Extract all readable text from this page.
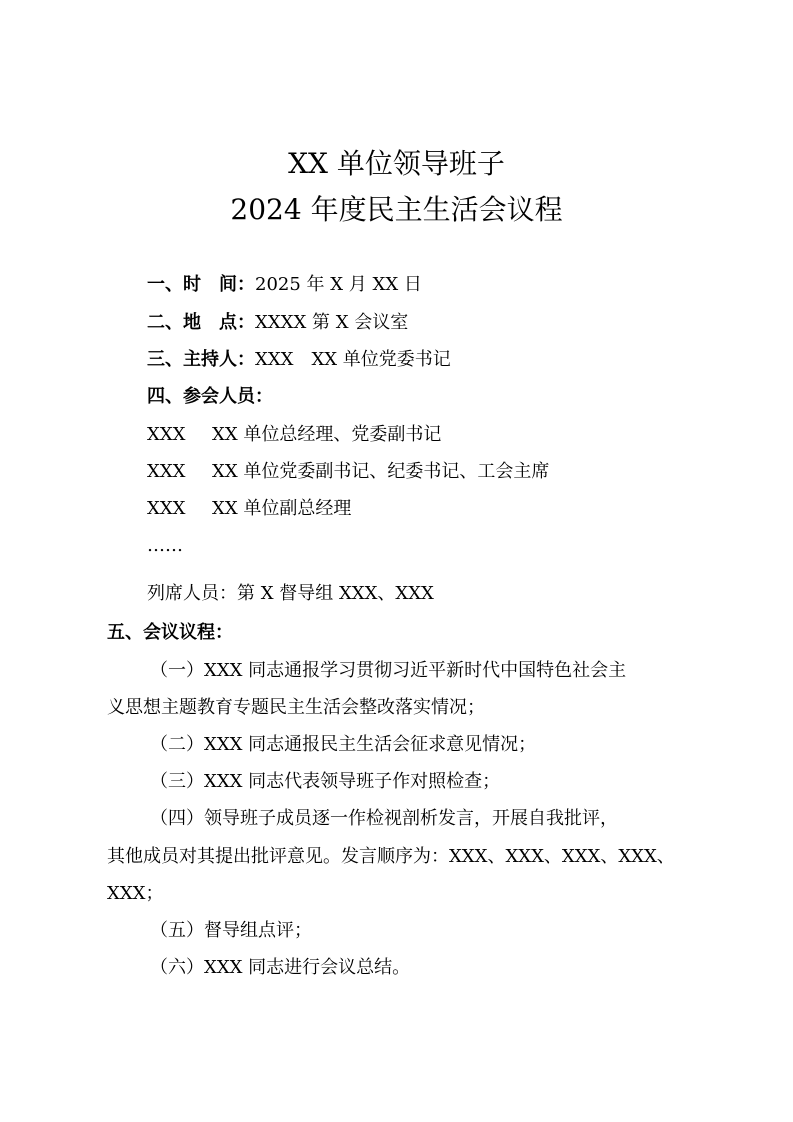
XX 单位领导班子
2024 年度民主生活会议程
一、时　间：2025 年 X 月 XX 日
二、地　点：XXXX 第 X 会议室
三、主持人：XXX　XX 单位党委书记
四、参会人员：
XXX XX 单位总经理、党委副书记
XXX XX 单位党委副书记、纪委书记、工会主席
XXX XX 单位副总经理
……
列席人员：第 X 督导组 XXX、XXX
五、会议议程：
（一）XXX 同志通报学习贯彻习近平新时代中国特色社会主
义思想主题教育专题民主生活会整改落实情况；
（二）XXX 同志通报民主生活会征求意见情况；
（三）XXX 同志代表领导班子作对照检查；
（四）领导班子成员逐一作检视剖析发言，开展自我批评，
其他成员对其提出批评意见。发言顺序为：XXX、XXX、XXX、XXX、
XXX；
（五）督导组点评；
（六）XXX 同志进行会议总结。
